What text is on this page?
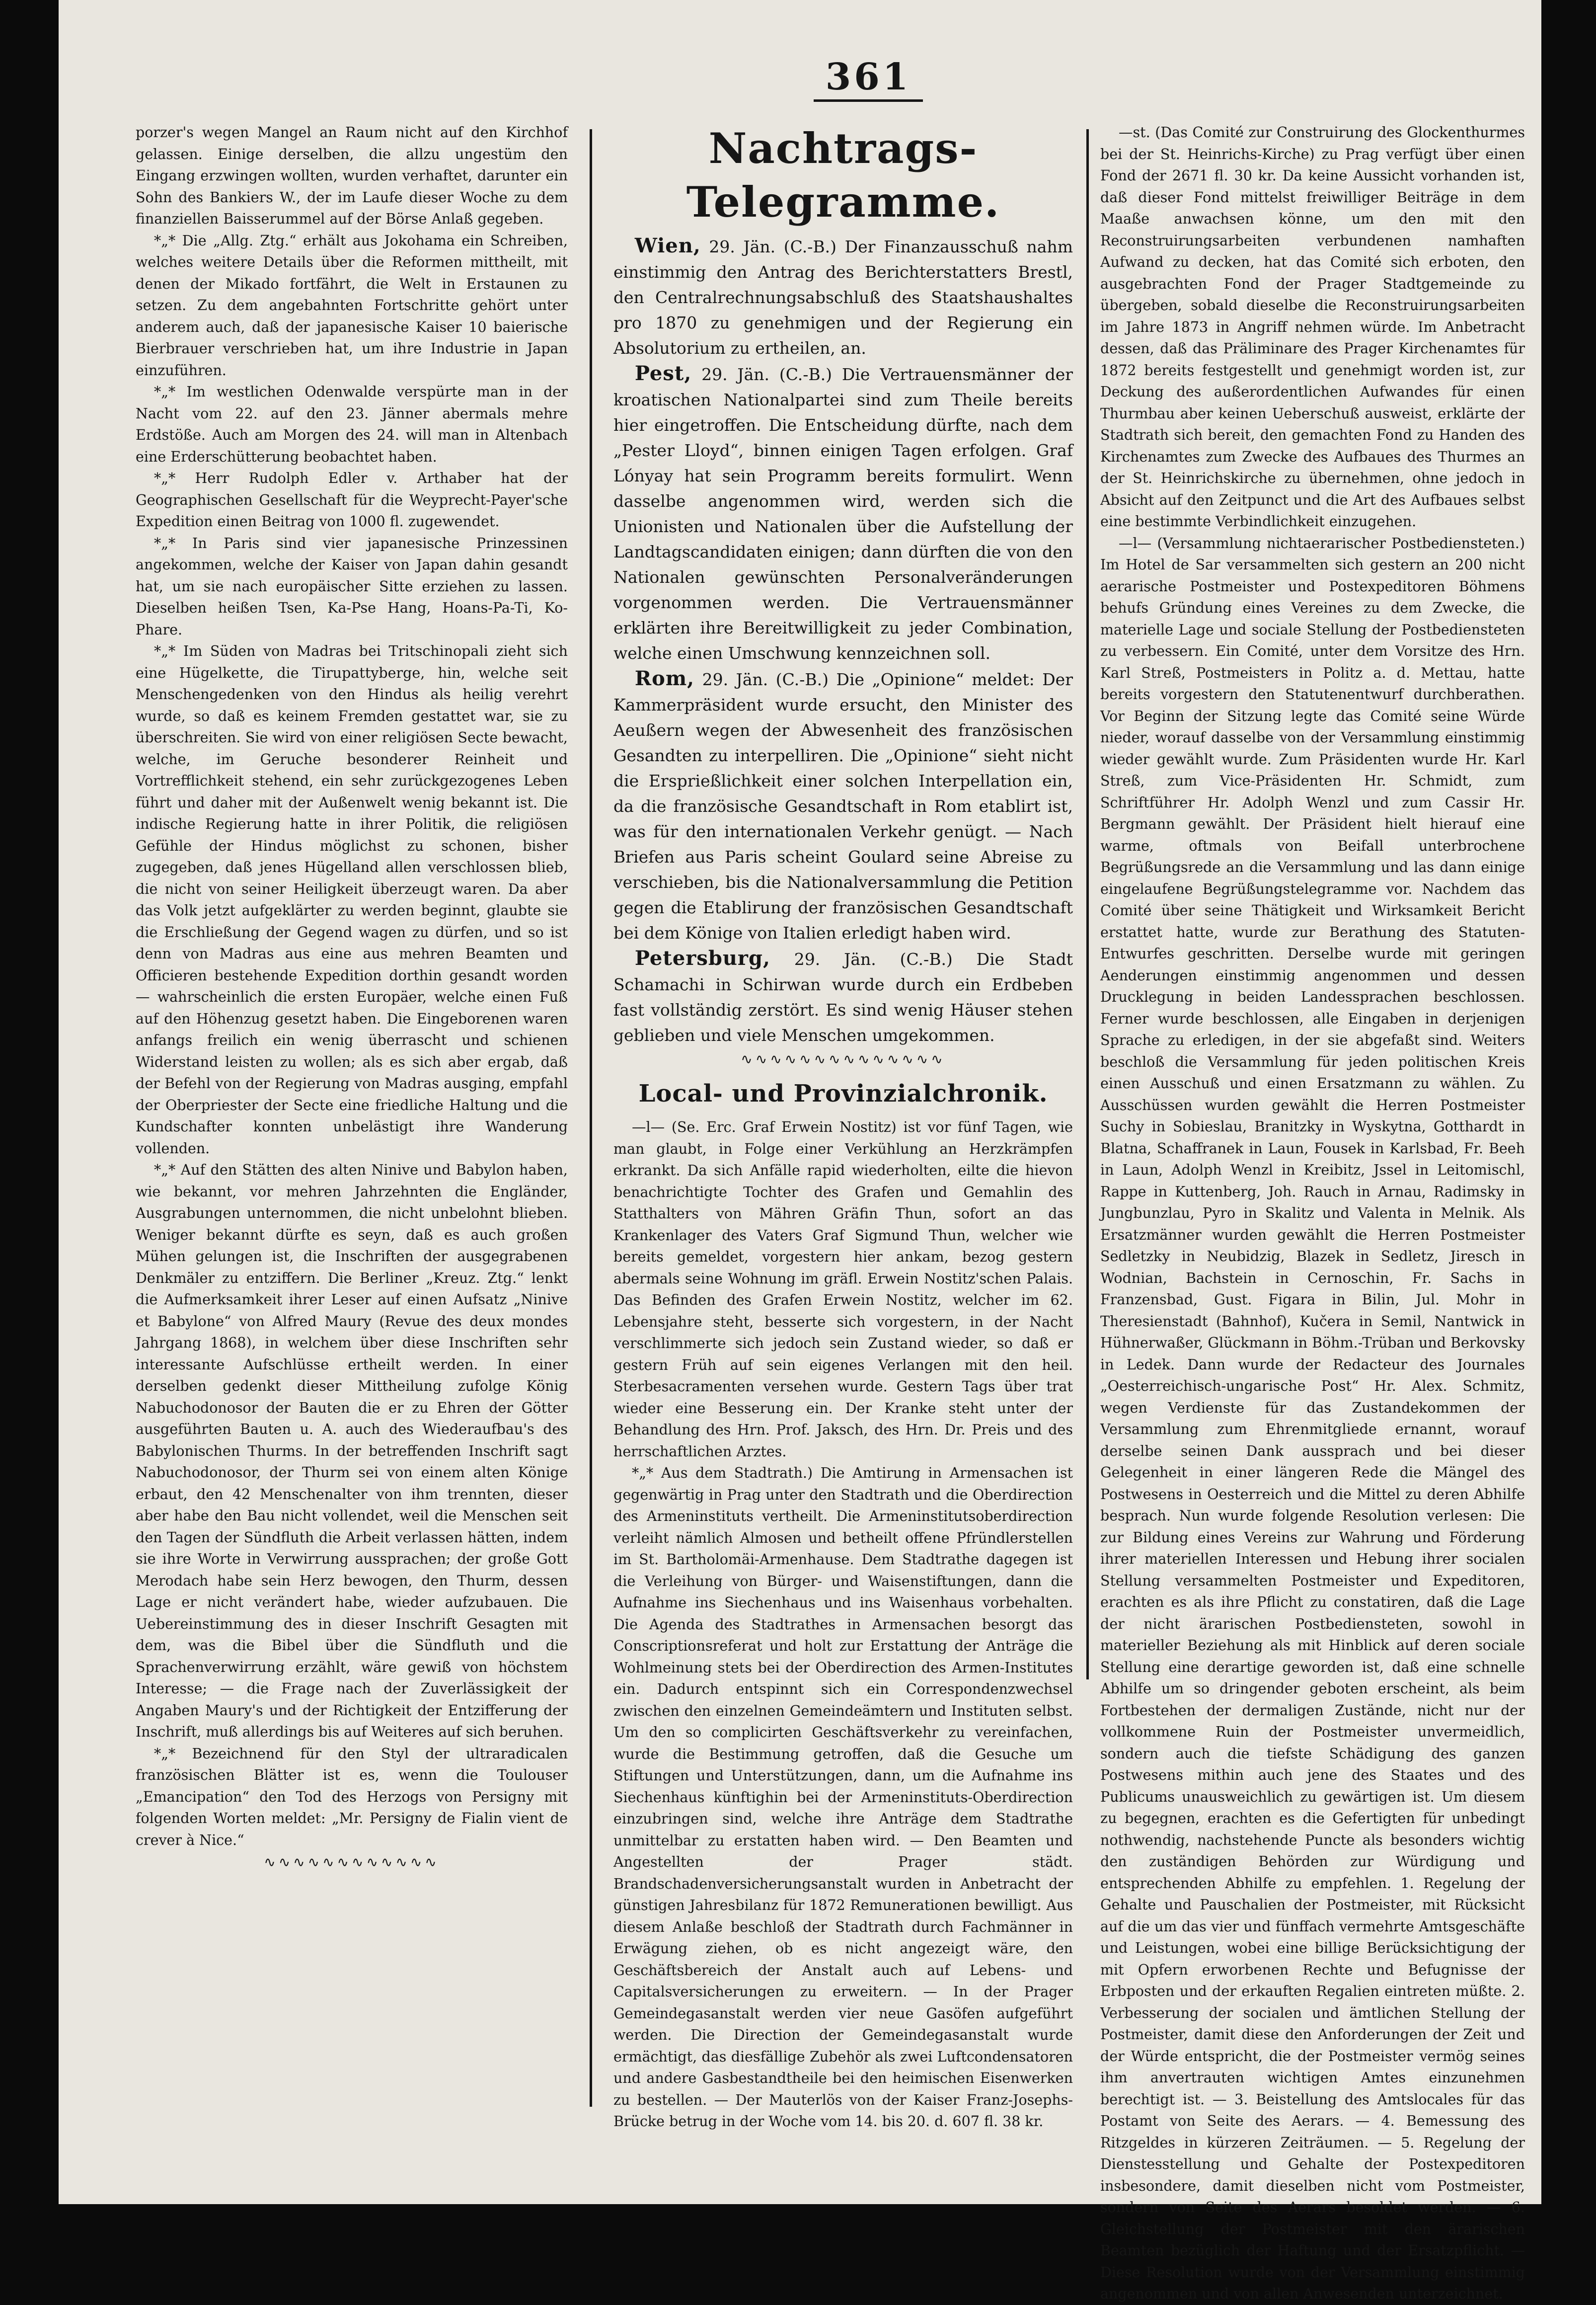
361

porzer's wegen Mangel an Raum nicht auf den Kirchhof gelassen. Einige derselben, die allzu ungestüm den Eingang erzwingen wollten, wurden verhaftet, darunter ein Sohn des Bankiers W., der im Laufe dieser Woche zu dem finanziellen Baisserummel auf der Börse Anlaß gegeben.

*„* Die „Allg. Ztg.“ erhält aus Jokohama ein Schreiben, welches weitere Details über die Reformen mittheilt, mit denen der Mikado fortfährt, die Welt in Erstaunen zu setzen. Zu dem angebahnten Fortschritte gehört unter anderem auch, daß der japanesische Kaiser 10 baierische Bierbrauer verschrieben hat, um ihre Industrie in Japan einzuführen.

*„* Im westlichen Odenwalde verspürte man in der Nacht vom 22. auf den 23. Jänner abermals mehre Erdstöße. Auch am Morgen des 24. will man in Altenbach eine Erderschütterung beobachtet haben.

*„* Herr Rudolph Edler v. Arthaber hat der Geographischen Gesellschaft für die Weyprecht-Payer'sche Expedition einen Beitrag von 1000 fl. zugewendet.

*„* In Paris sind vier japanesische Prinzessinen angekommen, welche der Kaiser von Japan dahin gesandt hat, um sie nach europäischer Sitte erziehen zu lassen. Dieselben heißen Tsen, Ka-Pse Hang, Hoans-Pa-Ti, Ko-Phare.

*„* Im Süden von Madras bei Tritschinopali zieht sich eine Hügelkette, die Tirupattyberge, hin, welche seit Menschengedenken von den Hindus als heilig verehrt wurde, so daß es keinem Fremden gestattet war, sie zu überschreiten. Sie wird von einer religiösen Secte bewacht, welche, im Geruche besonderer Reinheit und Vortrefflichkeit stehend, ein sehr zurückgezogenes Leben führt und daher mit der Außenwelt wenig bekannt ist. Die indische Regierung hatte in ihrer Politik, die religiösen Gefühle der Hindus möglichst zu schonen, bisher zugegeben, daß jenes Hügelland allen verschlossen blieb, die nicht von seiner Heiligkeit überzeugt waren. Da aber das Volk jetzt aufgeklärter zu werden beginnt, glaubte sie die Erschließung der Gegend wagen zu dürfen, und so ist denn von Madras aus eine aus mehren Beamten und Officieren bestehende Expedition dorthin gesandt worden — wahrscheinlich die ersten Europäer, welche einen Fuß auf den Höhenzug gesetzt haben. Die Eingeborenen waren anfangs freilich ein wenig überrascht und schienen Widerstand leisten zu wollen; als es sich aber ergab, daß der Befehl von der Regierung von Madras ausging, empfahl der Oberpriester der Secte eine friedliche Haltung und die Kundschafter konnten unbelästigt ihre Wanderung vollenden.

*„* Auf den Stätten des alten Ninive und Babylon haben, wie bekannt, vor mehren Jahrzehnten die Engländer, Ausgrabungen unternommen, die nicht unbelohnt blieben. Weniger bekannt dürfte es seyn, daß es auch großen Mühen gelungen ist, die Inschriften der ausgegrabenen Denkmäler zu entziffern. Die Berliner „Kreuz. Ztg.“ lenkt die Aufmerksamkeit ihrer Leser auf einen Aufsatz „Ninive et Babylone“ von Alfred Maury (Revue des deux mondes Jahrgang 1868), in welchem über diese Inschriften sehr interessante Aufschlüsse ertheilt werden. In einer derselben gedenkt dieser Mittheilung zufolge König Nabuchodonosor der Bauten die er zu Ehren der Götter ausgeführten Bauten u. A. auch des Wiederaufbau's des Babylonischen Thurms. In der betreffenden Inschrift sagt Nabuchodonosor, der Thurm sei von einem alten Könige erbaut, den 42 Menschenalter von ihm trennten, dieser aber habe den Bau nicht vollendet, weil die Menschen seit den Tagen der Sündfluth die Arbeit verlassen hätten, indem sie ihre Worte in Verwirrung aussprachen; der große Gott Merodach habe sein Herz bewogen, den Thurm, dessen Lage er nicht verändert habe, wieder aufzubauen. Die Uebereinstimmung des in dieser Inschrift Gesagten mit dem, was die Bibel über die Sündfluth und die Sprachenverwirrung erzählt, wäre gewiß von höchstem Interesse; — die Frage nach der Zuverlässigkeit der Angaben Maury's und der Richtigkeit der Entzifferung der Inschrift, muß allerdings bis auf Weiteres auf sich beruhen.

*„* Bezeichnend für den Styl der ultraradicalen französischen Blätter ist es, wenn die Toulouser „Emancipation“ den Tod des Herzogs von Persigny mit folgenden Worten meldet: „Mr. Persigny de Fialin vient de crever à Nice.“

∿∿∿∿∿∿∿∿∿∿∿∿
Nachtrags-Telegramme.

Wien, 29. Jän. (C.-B.) Der Finanzausschuß nahm einstimmig den Antrag des Berichterstatters Brestl, den Centralrechnungsabschluß des Staatshaushaltes pro 1870 zu genehmigen und der Regierung ein Absolutorium zu ertheilen, an.

Pest, 29. Jän. (C.-B.) Die Vertrauensmänner der kroatischen Nationalpartei sind zum Theile bereits hier eingetroffen. Die Entscheidung dürfte, nach dem „Pester Lloyd“, binnen einigen Tagen erfolgen. Graf Lónyay hat sein Programm bereits formulirt. Wenn dasselbe angenommen wird, werden sich die Unionisten und Nationalen über die Aufstellung der Landtagscandidaten einigen; dann dürften die von den Nationalen gewünschten Personalveränderungen vorgenommen werden. Die Vertrauensmänner erklärten ihre Bereitwilligkeit zu jeder Combination, welche einen Umschwung kennzeichnen soll.

Rom, 29. Jän. (C.-B.) Die „Opinione“ meldet: Der Kammerpräsident wurde ersucht, den Minister des Aeußern wegen der Abwesenheit des französischen Gesandten zu interpelliren. Die „Opinione“ sieht nicht die Ersprießlichkeit einer solchen Interpellation ein, da die französische Gesandtschaft in Rom etablirt ist, was für den internationalen Verkehr genügt. — Nach Briefen aus Paris scheint Goulard seine Abreise zu verschieben, bis die Nationalversammlung die Petition gegen die Etablirung der französischen Gesandtschaft bei dem Könige von Italien erledigt haben wird.

Petersburg, 29. Jän. (C.-B.) Die Stadt Schamachi in Schirwan wurde durch ein Erdbeben fast vollständig zerstört. Es sind wenig Häuser stehen geblieben und viele Menschen umgekommen.

∿∿∿∿∿∿∿∿∿∿∿∿∿∿
Local- und Provinzialchronik.

—l— (Se. Erc. Graf Erwein Nostitz) ist vor fünf Tagen, wie man glaubt, in Folge einer Verkühlung an Herzkrämpfen erkrankt. Da sich Anfälle rapid wiederholten, eilte die hievon benachrichtigte Tochter des Grafen und Gemahlin des Statthalters von Mähren Gräfin Thun, sofort an das Krankenlager des Vaters Graf Sigmund Thun, welcher wie bereits gemeldet, vorgestern hier ankam, bezog gestern abermals seine Wohnung im gräfl. Erwein Nostitz'schen Palais. Das Befinden des Grafen Erwein Nostitz, welcher im 62. Lebensjahre steht, besserte sich vorgestern, in der Nacht verschlimmerte sich jedoch sein Zustand wieder, so daß er gestern Früh auf sein eigenes Verlangen mit den heil. Sterbesacramenten versehen wurde. Gestern Tags über trat wieder eine Besserung ein. Der Kranke steht unter der Behandlung des Hrn. Prof. Jaksch, des Hrn. Dr. Preis und des herrschaftlichen Arztes.

*„* Aus dem Stadtrath.) Die Amtirung in Armensachen ist gegenwärtig in Prag unter den Stadtrath und die Oberdirection des Armeninstituts vertheilt. Die Armeninstitutsoberdirection verleiht nämlich Almosen und betheilt offene Pfründlerstellen im St. Bartholomäi-Armenhause. Dem Stadtrathe dagegen ist die Verleihung von Bürger- und Waisenstiftungen, dann die Aufnahme ins Siechenhaus und ins Waisenhaus vorbehalten. Die Agenda des Stadtrathes in Armensachen besorgt das Conscriptionsreferat und holt zur Erstattung der Anträge die Wohlmeinung stets bei der Oberdirection des Armen-Institutes ein. Dadurch entspinnt sich ein Correspondenzwechsel zwischen den einzelnen Gemeindeämtern und Instituten selbst. Um den so complicirten Geschäftsverkehr zu vereinfachen, wurde die Bestimmung getroffen, daß die Gesuche um Stiftungen und Unterstützungen, dann, um die Aufnahme ins Siechenhaus künftighin bei der Armeninstituts-Oberdirection einzubringen sind, welche ihre Anträge dem Stadtrathe unmittelbar zu erstatten haben wird. — Den Beamten und Angestellten der Prager städt. Brandschadenversicherungsanstalt wurden in Anbetracht der günstigen Jahresbilanz für 1872 Remunerationen bewilligt. Aus diesem Anlaße beschloß der Stadtrath durch Fachmänner in Erwägung ziehen, ob es nicht angezeigt wäre, den Geschäftsbereich der Anstalt auch auf Lebens- und Capitalsversicherungen zu erweitern. — In der Prager Gemeindegasanstalt werden vier neue Gasöfen aufgeführt werden. Die Direction der Gemeindegasanstalt wurde ermächtigt, das diesfällige Zubehör als zwei Luftcondensatoren und andere Gasbestandtheile bei den heimischen Eisenwerken zu bestellen. — Der Mauterlös von der Kaiser Franz-Josephs-Brücke betrug in der Woche vom 14. bis 20. d. 607 fl. 38 kr.

—st. (Das Comité zur Construirung des Glockenthurmes bei der St. Heinrichs-Kirche) zu Prag verfügt über einen Fond der 2671 fl. 30 kr. Da keine Aussicht vorhanden ist, daß dieser Fond mittelst freiwilliger Beiträge in dem Maaße anwachsen könne, um den mit den Reconstruirungsarbeiten verbundenen namhaften Aufwand zu decken, hat das Comité sich erboten, den ausgebrachten Fond der Prager Stadtgemeinde zu übergeben, sobald dieselbe die Reconstruirungsarbeiten im Jahre 1873 in Angriff nehmen würde. Im Anbetracht dessen, daß das Präliminare des Prager Kirchenamtes für 1872 bereits festgestellt und genehmigt worden ist, zur Deckung des außerordentlichen Aufwandes für einen Thurmbau aber keinen Ueberschuß ausweist, erklärte der Stadtrath sich bereit, den gemachten Fond zu Handen des Kirchenamtes zum Zwecke des Aufbaues des Thurmes an der St. Heinrichskirche zu übernehmen, ohne jedoch in Absicht auf den Zeitpunct und die Art des Aufbaues selbst eine bestimmte Verbindlichkeit einzugehen.

—l— (Versammlung nichtaerarischer Postbediensteten.) Im Hotel de Sar versammelten sich gestern an 200 nicht aerarische Postmeister und Postexpeditoren Böhmens behufs Gründung eines Vereines zu dem Zwecke, die materielle Lage und sociale Stellung der Postbediensteten zu verbessern. Ein Comité, unter dem Vorsitze des Hrn. Karl Streß, Postmeisters in Politz a. d. Mettau, hatte bereits vorgestern den Statutenentwurf durchberathen. Vor Beginn der Sitzung legte das Comité seine Würde nieder, worauf dasselbe von der Versammlung einstimmig wieder gewählt wurde. Zum Präsidenten wurde Hr. Karl Streß, zum Vice-Präsidenten Hr. Schmidt, zum Schriftführer Hr. Adolph Wenzl und zum Cassir Hr. Bergmann gewählt. Der Präsident hielt hierauf eine warme, oftmals von Beifall unterbrochene Begrüßungsrede an die Versammlung und las dann einige eingelaufene Begrüßungstelegramme vor. Nachdem das Comité über seine Thätigkeit und Wirksamkeit Bericht erstattet hatte, wurde zur Berathung des Statuten-Entwurfes geschritten. Derselbe wurde mit geringen Aenderungen einstimmig angenommen und dessen Drucklegung in beiden Landessprachen beschlossen. Ferner wurde beschlossen, alle Eingaben in derjenigen Sprache zu erledigen, in der sie abgefaßt sind. Weiters beschloß die Versammlung für jeden politischen Kreis einen Ausschuß und einen Ersatzmann zu wählen. Zu Ausschüssen wurden gewählt die Herren Postmeister Suchy in Sobieslau, Branitzky in Wyskytna, Gotthardt in Blatna, Schaffranek in Laun, Fousek in Karlsbad, Fr. Beeh in Laun, Adolph Wenzl in Kreibitz, Jssel in Leitomischl, Rappe in Kuttenberg, Joh. Rauch in Arnau, Radimsky in Jungbunzlau, Pyro in Skalitz und Valenta in Melnik. Als Ersatzmänner wurden gewählt die Herren Postmeister Sedletzky in Neubidzig, Blazek in Sedletz, Jiresch in Wodnian, Bachstein in Cernoschin, Fr. Sachs in Franzensbad, Gust. Figara in Bilin, Jul. Mohr in Theresienstadt (Bahnhof), Kučera in Semil, Nantwick in Hühnerwaßer, Glückmann in Böhm.-Trüban und Berkovsky in Ledek. Dann wurde der Redacteur des Journales „Oesterreichisch-ungarische Post“ Hr. Alex. Schmitz, wegen Verdienste für das Zustandekommen der Versammlung zum Ehrenmitgliede ernannt, worauf derselbe seinen Dank aussprach und bei dieser Gelegenheit in einer längeren Rede die Mängel des Postwesens in Oesterreich und die Mittel zu deren Abhilfe besprach. Nun wurde folgende Resolution verlesen: Die zur Bildung eines Vereins zur Wahrung und Förderung ihrer materiellen Interessen und Hebung ihrer socialen Stellung versammelten Postmeister und Expeditoren, erachten es als ihre Pflicht zu constatiren, daß die Lage der nicht ärarischen Postbediensteten, sowohl in materieller Beziehung als mit Hinblick auf deren sociale Stellung eine derartige geworden ist, daß eine schnelle Abhilfe um so dringender geboten erscheint, als beim Fortbestehen der dermaligen Zustände, nicht nur der vollkommene Ruin der Postmeister unvermeidlich, sondern auch die tiefste Schädigung des ganzen Postwesens mithin auch jene des Staates und des Publicums unausweichlich zu gewärtigen ist. Um diesem zu begegnen, erachten es die Gefertigten für unbedingt nothwendig, nachstehende Puncte als besonders wichtig den zuständigen Behörden zur Würdigung und entsprechenden Abhilfe zu empfehlen. 1. Regelung der Gehalte und Pauschalien der Postmeister, mit Rücksicht auf die um das vier und fünffach vermehrte Amtsgeschäfte und Leistungen, wobei eine billige Berücksichtigung der mit Opfern erworbenen Rechte und Befugnisse der Erbposten und der erkauften Regalien eintreten müßte. 2. Verbesserung der socialen und ämtlichen Stellung der Postmeister, damit diese den Anforderungen der Zeit und der Würde entspricht, die der Postmeister vermög seines ihm anvertrauten wichtigen Amtes einzunehmen berechtigt ist. — 3. Beistellung des Amtslocales für das Postamt von Seite des Aerars. — 4. Bemessung des Ritzgeldes in kürzeren Zeiträumen. — 5. Regelung der Dienstesstellung und Gehalte der Postexpeditoren insbesondere, damit dieselben nicht vom Postmeister, sondern von Seite des Aerars besoldet werden. — 6. Gleichstellung der Postmeister mit den ärarischen Beamten bezüglich der Haftung und der Ersatzpflicht. — Diese Resolution wurde von der Versammlung einstimmig angenommen und von allen Anwesenden unterzeichnet.
